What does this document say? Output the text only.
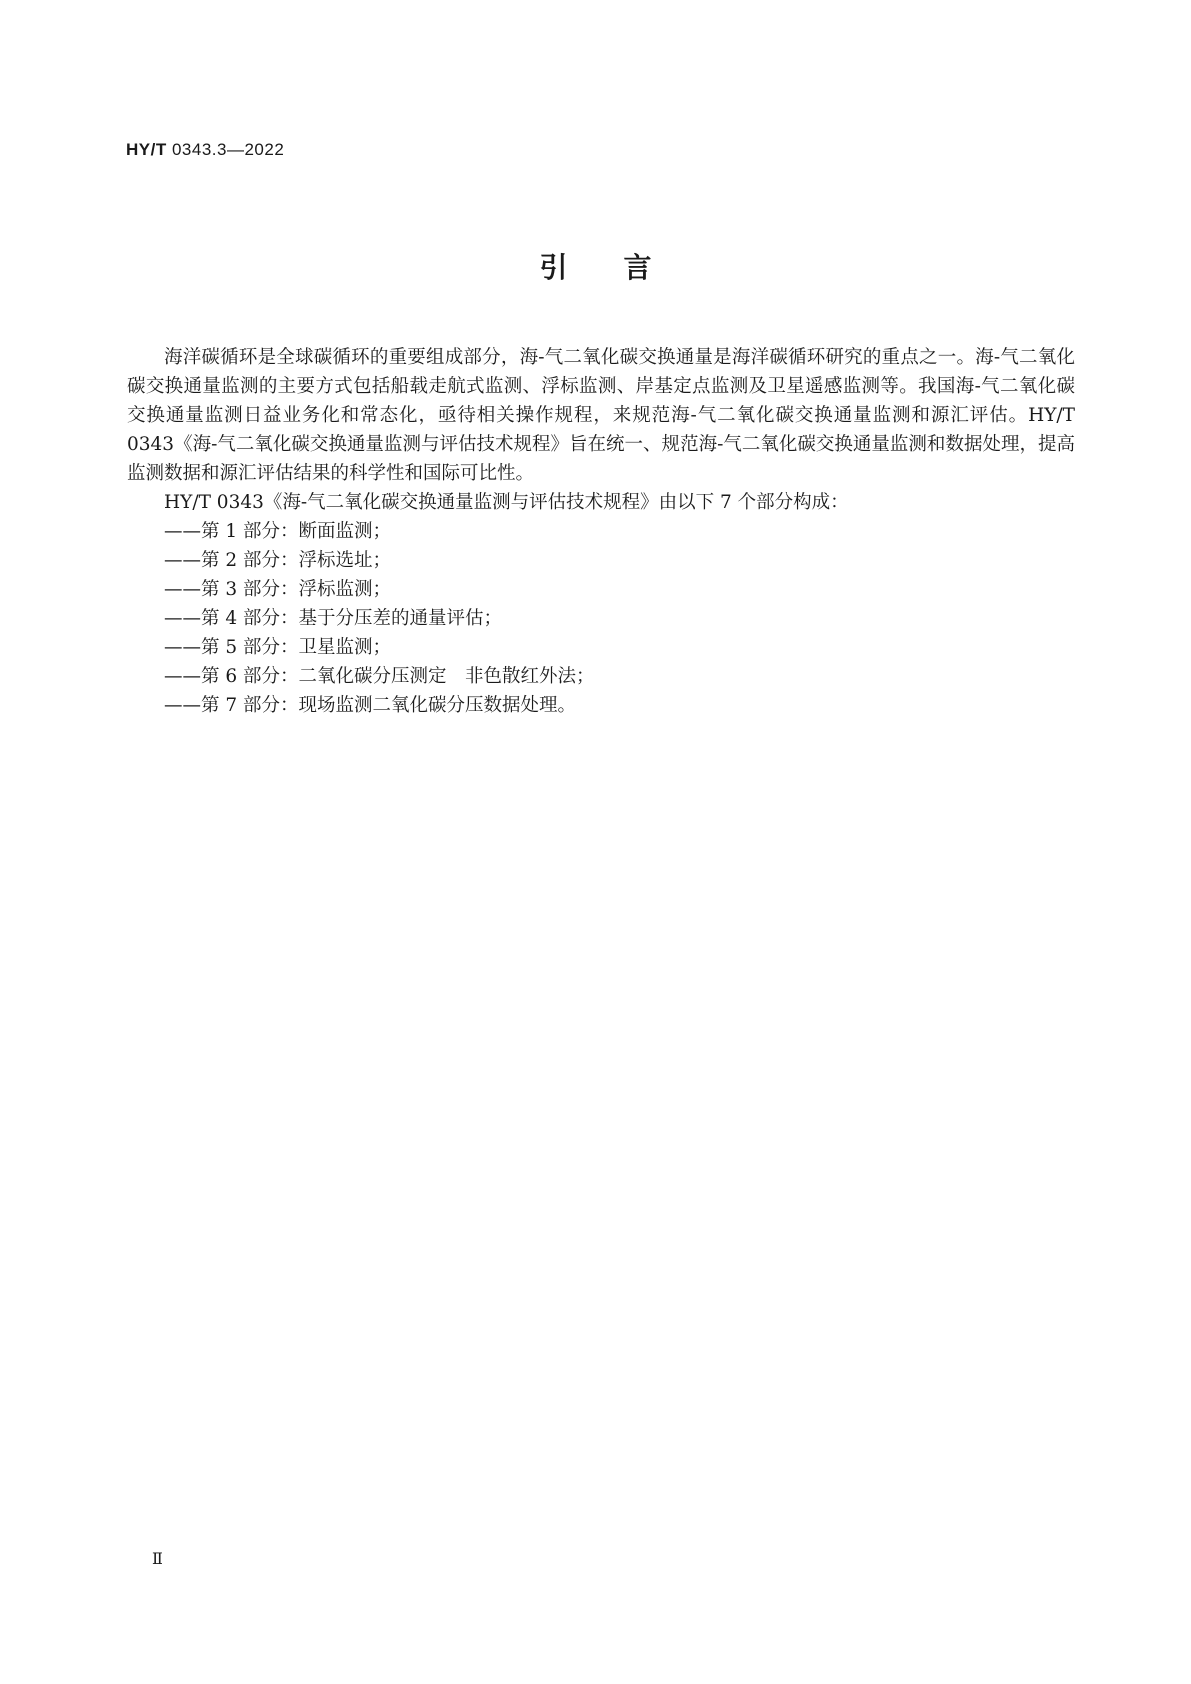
HY/T 0343.3—2022
引言

海洋碳循环是全球碳循环的重要组成部分，海-气二氧化碳交换通量是海洋碳循环研究的重点之一。海-气二氧化碳交换通量监测的主要方式包括船载走航式监测、浮标监测、岸基定点监测及卫星遥感监测等。我国海-气二氧化碳交换通量监测日益业务化和常态化，亟待相关操作规程，来规范海-气二氧化碳交换通量监测和源汇评估。HY/T 0343《海-气二氧化碳交换通量监测与评估技术规程》旨在统一、规范海-气二氧化碳交换通量监测和数据处理，提高监测数据和源汇评估结果的科学性和国际可比性。

HY/T 0343《海-气二氧化碳交换通量监测与评估技术规程》由以下 7 个部分构成：

——第 1 部分：断面监测；
——第 2 部分：浮标选址；
——第 3 部分：浮标监测；
——第 4 部分：基于分压差的通量评估；
——第 5 部分：卫星监测；
——第 6 部分：二氧化碳分压测定　非色散红外法；
——第 7 部分：现场监测二氧化碳分压数据处理。
Ⅱ
